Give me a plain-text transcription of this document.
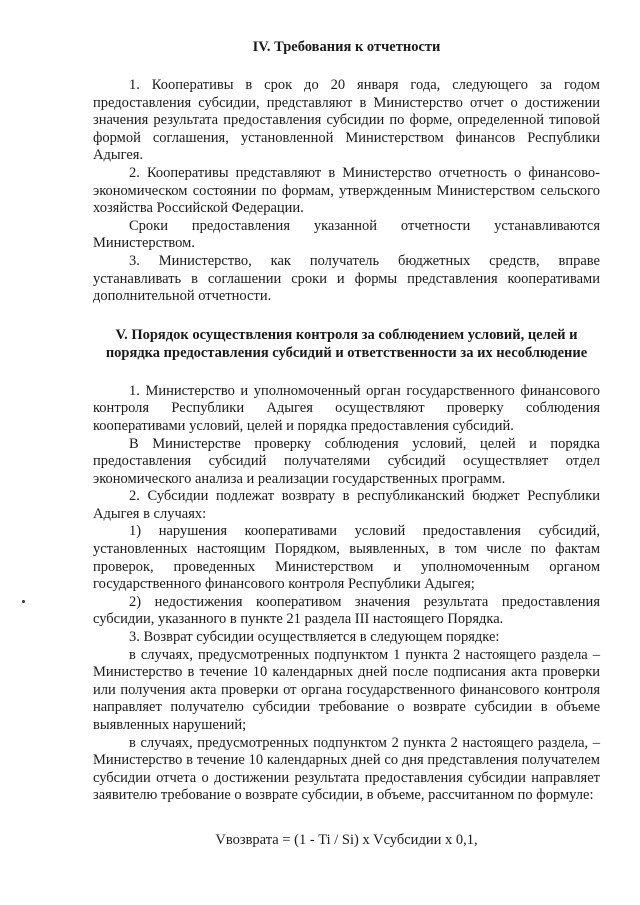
IV. Требования к отчетности

1. Кооперативы в срок до 20 января года, следующего за годом предоставления субсидии, представляют в Министерство отчет о достижении значения результата предоставления субсидии по форме, определенной типовой формой соглашения, установленной Министерством финансов Республики Адыгея.

2. Кооперативы представляют в Министерство отчетность о финансово-экономическом состоянии по формам, утвержденным Министерством сельского хозяйства Российской Федерации.

Сроки предоставления указанной отчетности устанавливаются Министерством.

3. Министерство, как получатель бюджетных средств, вправе устанавливать в соглашении сроки и формы представления кооперативами дополнительной отчетности.

V. Порядок осуществления контроля за соблюдением условий, целей и порядка предоставления субсидий и ответственности за их несоблюдение

1. Министерство и уполномоченный орган государственного финансового контроля Республики Адыгея осуществляют проверку соблюдения кооперативами условий, целей и порядка предоставления субсидий.

В Министерстве проверку соблюдения условий, целей и порядка предоставления субсидий получателями субсидий осуществляет отдел экономического анализа и реализации государственных программ.

2. Субсидии подлежат возврату в республиканский бюджет Республики Адыгея в случаях:

1) нарушения кооперативами условий предоставления субсидий, установленных настоящим Порядком, выявленных, в том числе по фактам проверок, проведенных Министерством и уполномоченным органом государственного финансового контроля Республики Адыгея;

2) недостижения кооперативом значения результата предоставления субсидии, указанного в пункте 21 раздела III настоящего Порядка.

3. Возврат субсидии осуществляется в следующем порядке:

в случаях, предусмотренных подпунктом 1 пункта 2 настоящего раздела – Министерство в течение 10 календарных дней после подписания акта проверки или получения акта проверки от органа государственного финансового контроля направляет получателю субсидии требование о возврате субсидии в объеме выявленных нарушений;

в случаях, предусмотренных подпунктом 2 пункта 2 настоящего раздела, – Министерство в течение 10 календарных дней со дня представления получателем субсидии отчета о достижении результата предоставления субсидии направляет заявителю требование о возврате субсидии, в объеме, рассчитанном по формуле:

Vвозврата = (1 - Ti / Si) x Vсубсидии x 0,1,
